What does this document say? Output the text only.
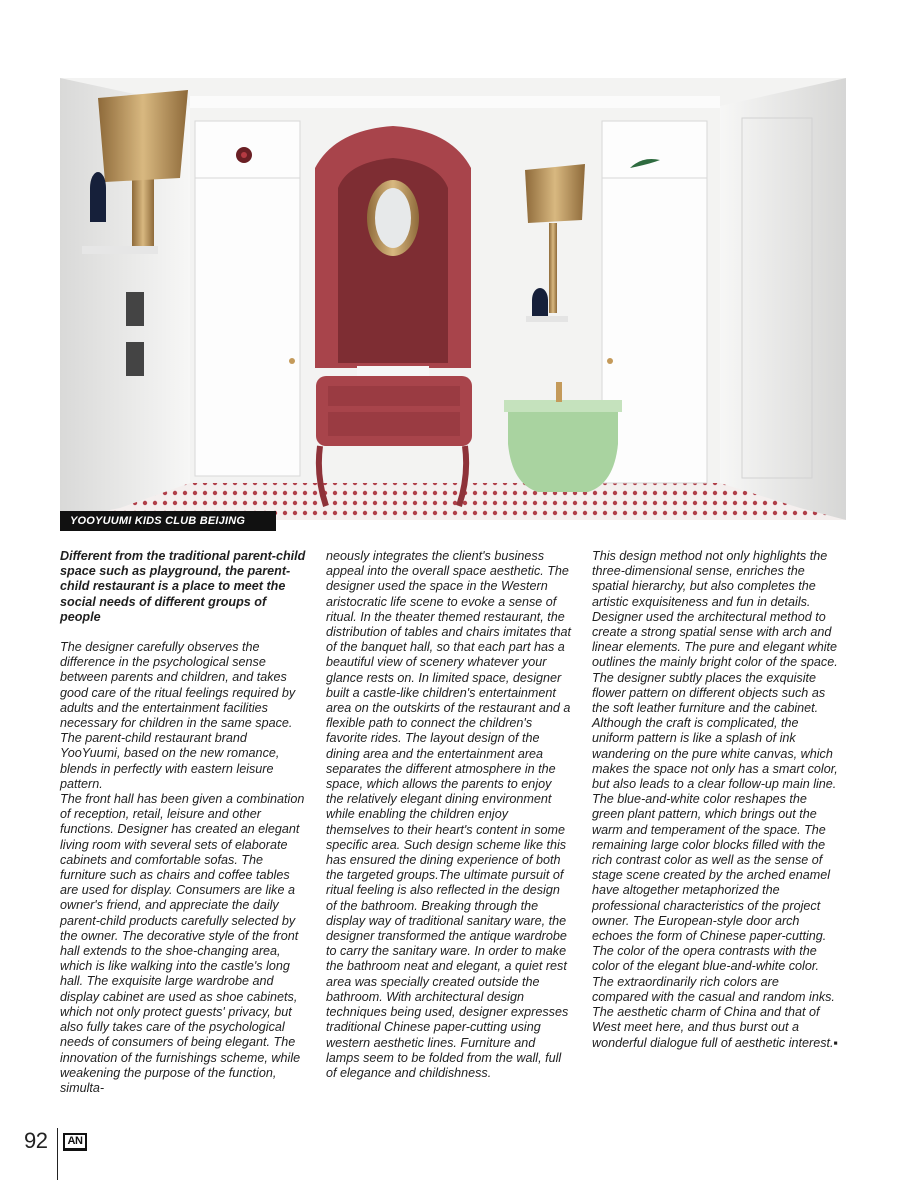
YOOYUUMI KIDS CLUB BEIJING

Different from the traditional parent-child space such as playground, the parent-child restaurant is a place to meet the social needs of different groups of people

The designer carefully observes the difference in the psychological sense between parents and children, and takes good care of the ritual feelings required by adults and the entertainment facilities necessary for children in the same space. The parent-child restaurant brand YooYuumi, based on the new romance, blends in perfectly with eastern leisure pattern.

The front hall has been given a combination of reception, retail, leisure and other functions. Designer has created an elegant living room with several sets of elaborate cabinets and comfortable sofas. The furniture such as chairs and coffee tables are used for display. Consumers are like a owner's friend, and appreciate the daily parent-child products carefully selected by the owner. The decorative style of the front hall extends to the shoe-changing area, which is like walking into the castle's long hall. The exquisite large wardrobe and display cabinet are used as shoe cabinets, which not only protect guests' privacy, but also fully takes care of the psychological needs of consumers of being elegant. The innovation of the furnishings scheme, while weakening the purpose of the function, simulta-

neously integrates the client's business appeal into the overall space aesthetic. The designer used the space in the Western aristocratic life scene to evoke a sense of ritual. In the theater themed restaurant, the distribution of tables and chairs imitates that of the banquet hall, so that each part has a beautiful view of scenery whatever your glance rests on. In limited space, designer built a castle-like children's entertainment area on the outskirts of the restaurant and a flexible path to connect the children's favorite rides. The layout design of the dining area and the entertainment area separates the different atmosphere in the space, which allows the parents to enjoy the relatively elegant dining environment while enabling the children enjoy themselves to their heart's content in some specific area. Such design scheme like this has ensured the dining experience of both the targeted groups.The ultimate pursuit of ritual feeling is also reflected in the design of the bathroom. Breaking through the display way of traditional sanitary ware, the designer transformed the antique wardrobe to carry the sanitary ware. In order to make the bathroom neat and elegant, a quiet rest area was specially created outside the bathroom. With architectural design techniques being used, designer expresses traditional Chinese paper-cutting using western aesthetic lines. Furniture and lamps seem to be folded from the wall, full of elegance and childishness.

This design method not only highlights the three-dimensional sense, enriches the spatial hierarchy, but also completes the artistic exquisiteness and fun in details. Designer used the architectural method to create a strong spatial sense with arch and linear elements. The pure and elegant white outlines the mainly bright color of the space. The designer subtly places the exquisite flower pattern on different objects such as the soft leather furniture and the cabinet. Although the craft is complicated, the uniform pattern is like a splash of ink wandering on the pure white canvas, which makes the space not only has a smart color, but also leads to a clear follow-up main line. The blue-and-white color reshapes the green plant pattern, which brings out the warm and temperament of the space. The remaining large color blocks filled with the rich contrast color as well as the sense of stage scene created by the arched enamel have altogether metaphorized the professional characteristics of the project owner. The European-style door arch echoes the form of Chinese paper-cutting. The color of the opera contrasts with the color of the elegant blue-and-white color. The extraordinarily rich colors are compared with the casual and random inks. The aesthetic charm of China and that of West meet here, and thus burst out a wonderful dialogue full of aesthetic interest.▪

92	AN
